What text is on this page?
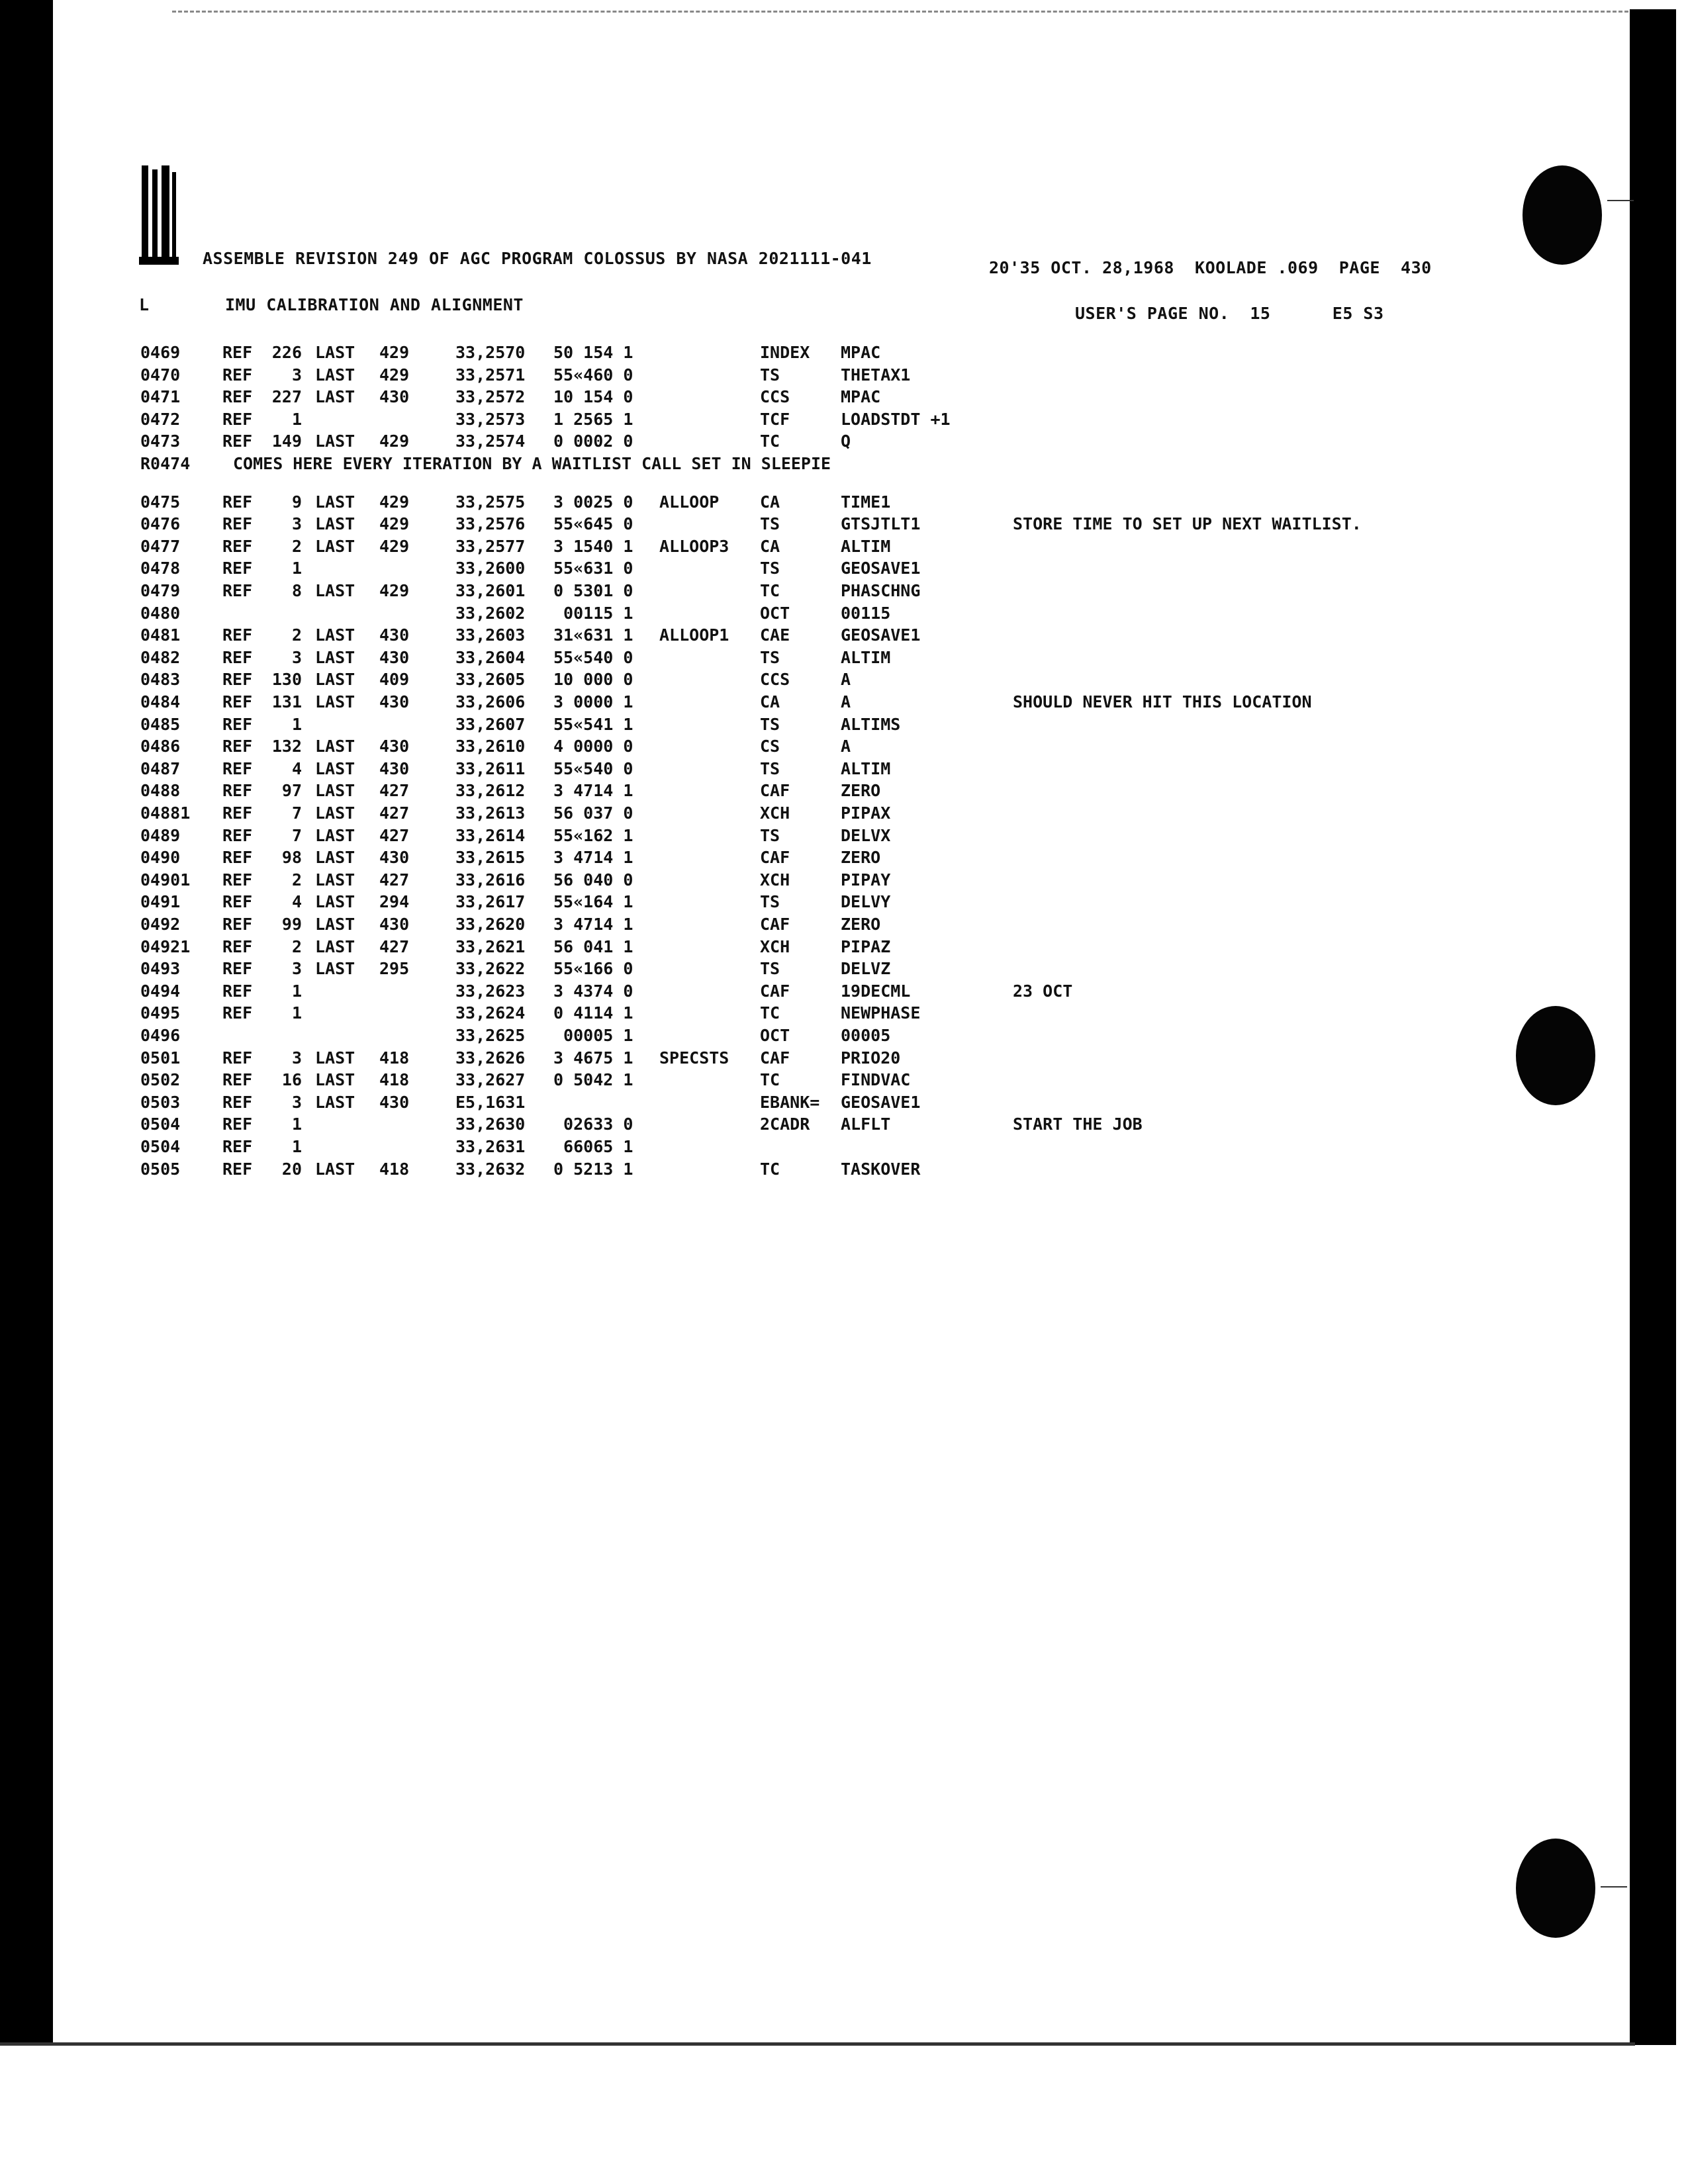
ASSEMBLE REVISION 249 OF AGC PROGRAM COLOSSUS BY NASA 2021111-041	20'35 OCT. 28,1968  KOOLADE .069  PAGE  430
L	IMU CALIBRATION AND ALIGNMENT	USER'S PAGE NO.  15      E5 S3
0469	REF	226 LAST 429	33,2570 50 154 1	INDEX MPAC
0470	REF	3 LAST 429	33,2571 55«460 0	TS	THETAX1
0471	REF	227 LAST 430	33,2572 10 154 0	CCS	MPAC
0472	REF	1	33,2573 1 2565 1	TCF	LOADSTDT +1
0473	REF	149 LAST 429	33,2574 0 0002 0	TC	Q
R0474	COMES HERE EVERY ITERATION BY A WAITLIST CALL SET IN SLEEPIE
0475	REF	9 LAST 429	33,2575 3 0025 0 ALLOOP CA	TIME1
0476	REF	3 LAST 429	33,2576 55«645 0	TS	GTSJTLT1	STORE TIME TO SET UP NEXT WAITLIST.
0477	REF	2 LAST 429	33,2577 3 1540 1 ALLOOP3 CA	ALTIM
0478	REF	1	33,2600 55«631 0	TS	GEOSAVE1
0479	REF	8 LAST 429	33,2601 0 5301 0	TC	PHASCHNG
0480	33,2602 00115 1	OCT	00115
0481	REF	2 LAST 430	33,2603 31«631 1 ALLOOP1 CAE	GEOSAVE1
0482	REF	3 LAST 430	33,2604 55«540 0	TS	ALTIM
0483	REF	130 LAST 409	33,2605 10 000 0	CCS	A
0484	REF	131 LAST 430	33,2606 3 0000 1	CA	A	SHOULD NEVER HIT THIS LOCATION
0485	REF	1	33,2607 55«541 1	TS	ALTIMS
0486	REF	132 LAST 430	33,2610 4 0000 0	CS	A
0487	REF	4 LAST 430	33,2611 55«540 0	TS	ALTIM
0488	REF	97 LAST 427	33,2612 3 4714 1	CAF	ZERO
04881 REF	7 LAST 427	33,2613 56 037 0	XCH	PIPAX
0489	REF	7 LAST 427	33,2614 55«162 1	TS	DELVX
0490	REF	98 LAST 430	33,2615 3 4714 1	CAF	ZERO
04901 REF	2 LAST 427	33,2616 56 040 0	XCH	PIPAY
0491	REF	4 LAST 294	33,2617 55«164 1	TS	DELVY
0492	REF	99 LAST 430	33,2620 3 4714 1	CAF	ZERO
04921 REF	2 LAST 427	33,2621 56 041 1	XCH	PIPAZ
0493	REF	3 LAST 295	33,2622 55«166 0	TS	DELVZ
0494	REF	1	33,2623 3 4374 0	CAF	19DECML	23 OCT
0495	REF	1	33,2624 0 4114 1	TC	NEWPHASE
0496	33,2625 00005 1	OCT	00005
0501	REF	3 LAST 418	33,2626 3 4675 1 SPECSTS CAF	PRIO20
0502	REF	16 LAST 418	33,2627 0 5042 1	TC	FINDVAC
0503	REF	3 LAST 430	E5,1631	EBANK= GEOSAVE1
0504	REF	1	33,2630 02633 0	2CADR ALFLT	START THE JOB
0504	REF	1	33,2631 66065 1
0505	REF	20 LAST 418	33,2632 0 5213 1	TC	TASKOVER
